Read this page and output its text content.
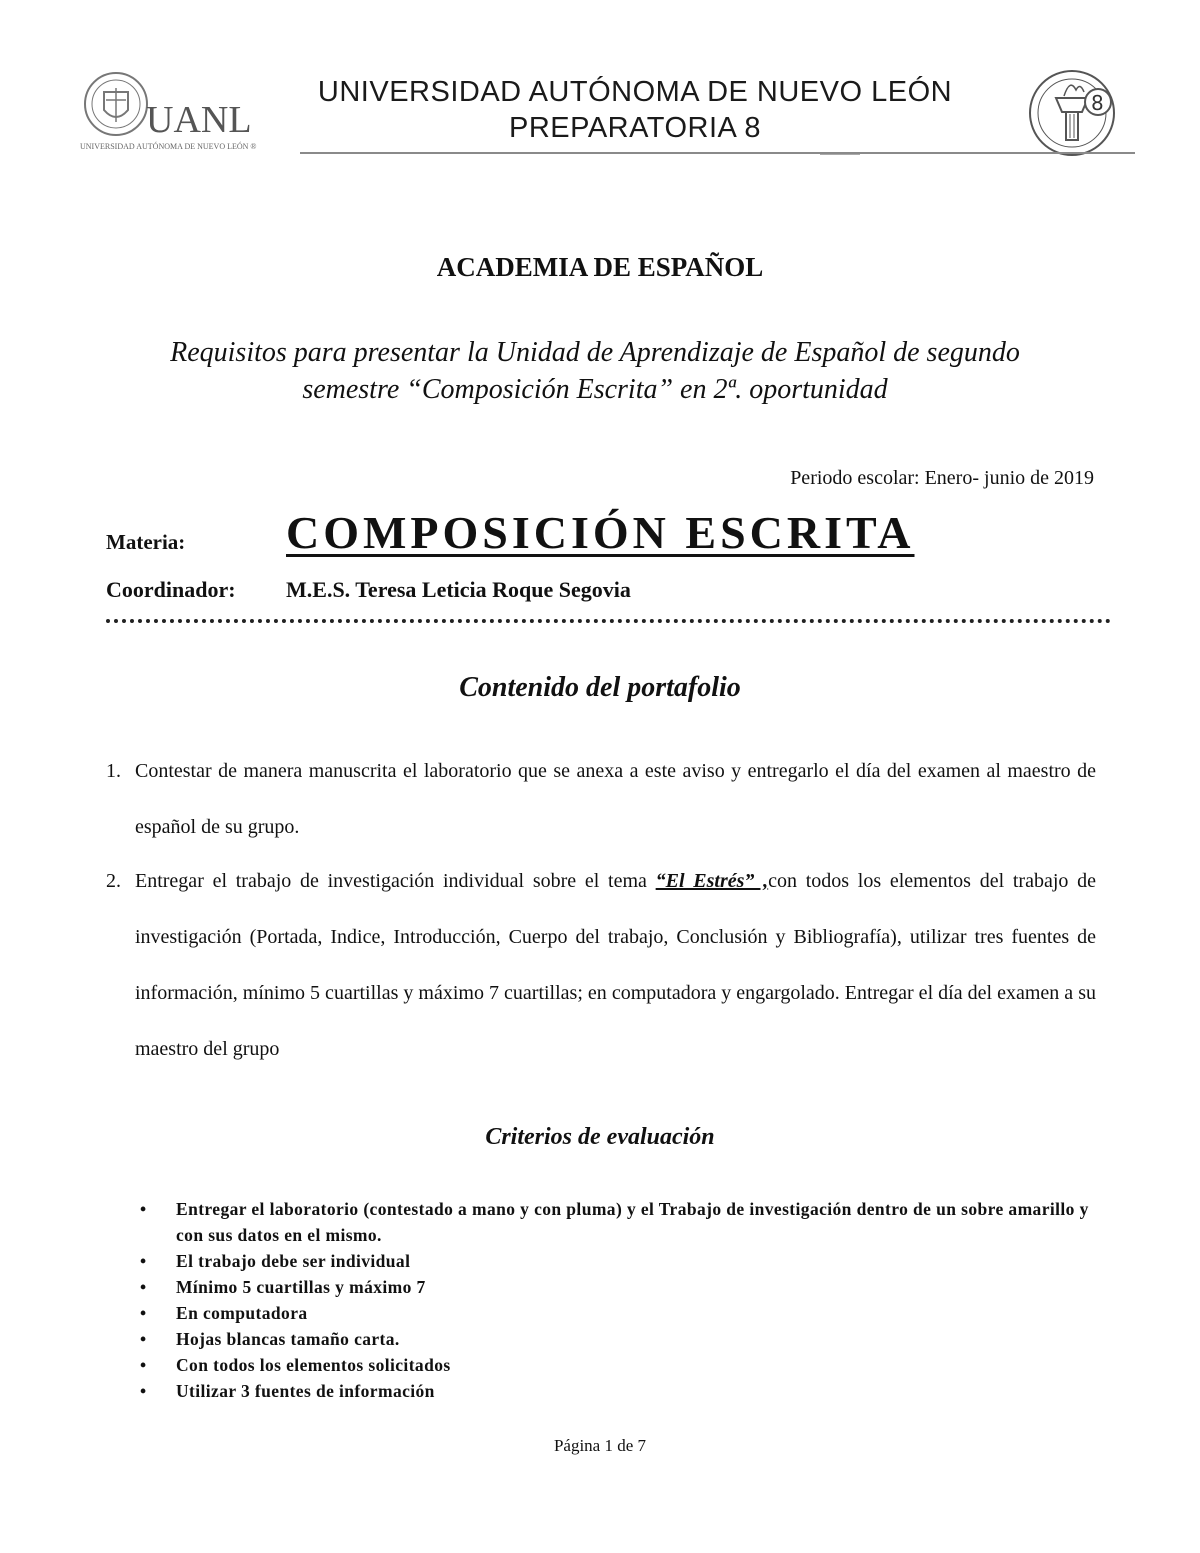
UANL
UNIVERSIDAD AUTÓNOMA DE NUEVO LEÓN ®
UNIVERSIDAD AUTÓNOMA DE NUEVO LEÓN
PREPARATORIA 8
8
ACADEMIA DE ESPAÑOL
Requisitos para presentar la Unidad de Aprendizaje de Español de segundo
semestre “Composición Escrita” en 2ª. oportunidad
Periodo escolar: Enero- junio de 2019
Materia: COMPOSICIÓN ESCRITA
Coordinador: M.E.S. Teresa Leticia Roque Segovia
Contenido del portafolio
1. Contestar de manera manuscrita el laboratorio que se anexa a este aviso y entregarlo el día del examen al maestro de español de su grupo.
2. Entregar el trabajo de investigación individual sobre el tema “El Estrés” ,con todos los elementos del trabajo de investigación (Portada, Indice, Introducción, Cuerpo del trabajo, Conclusión y Bibliografía), utilizar tres fuentes de información, mínimo 5 cuartillas y máximo 7 cuartillas; en computadora y engargolado. Entregar el día del examen a su maestro del grupo
Criterios de evaluación
• Entregar el laboratorio (contestado a mano y con pluma) y el Trabajo de investigación dentro de un sobre amarillo y con sus datos en el mismo.
• El trabajo debe ser individual
• Mínimo 5 cuartillas y máximo 7
• En computadora
• Hojas blancas tamaño carta.
• Con todos los elementos solicitados
• Utilizar 3 fuentes de información
Página 1 de 7
